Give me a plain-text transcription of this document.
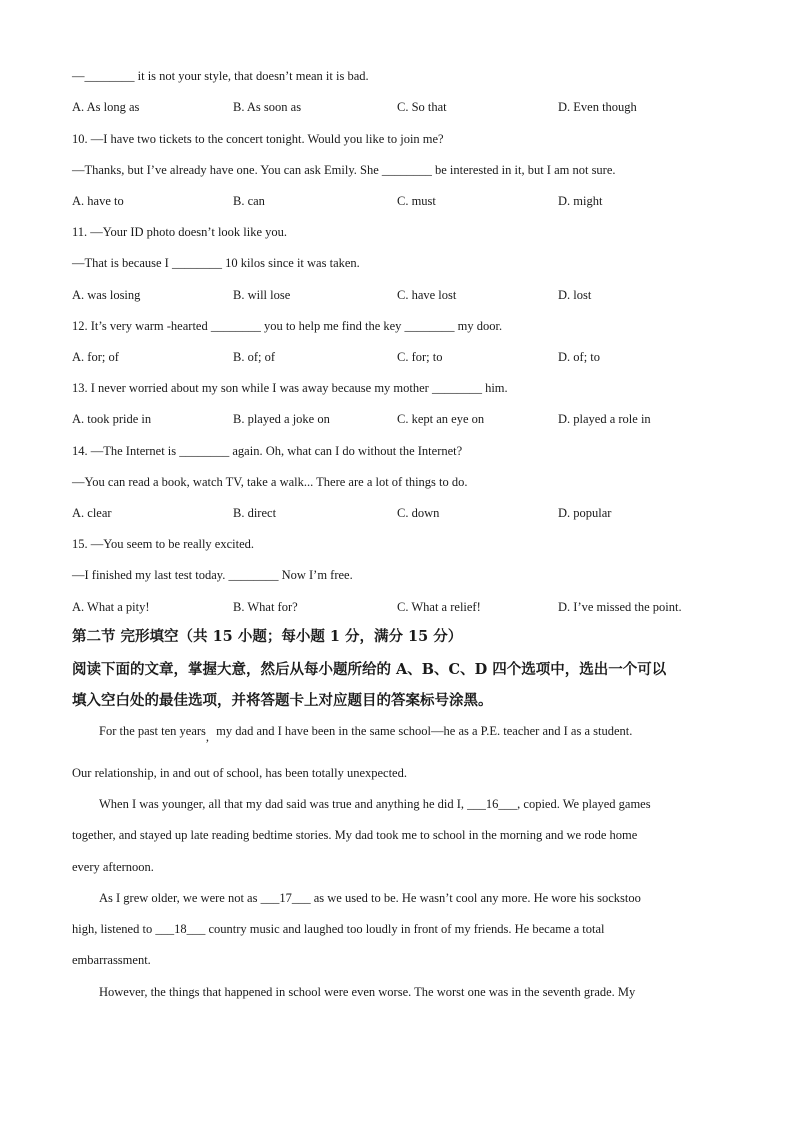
—________ it is not your style, that doesn’t mean it is bad.
A. As long as	B. As soon as	C. So that	D. Even though
10. —I have two tickets to the concert tonight. Would you like to join me?
—Thanks, but I’ve already have one. You can ask Emily. She ________ be interested in it, but I am not sure.
A. have to	B. can	C. must	D. might
11. —Your ID photo doesn’t look like you.
—That is because I ________ 10 kilos since it was taken.
A. was losing	B. will lose	C. have lost	D. lost
12. It’s very warm -hearted ________ you to help me find the key ________ my door.
A. for; of	B. of; of	C. for; to	D. of; to
13. I never worried about my son while I was away because my mother ________ him.
A. took pride in	B. played a joke on	C. kept an eye on	D. played a role in
14. —The Internet is ________ again. Oh, what can I do without the Internet?
—You can read a book, watch TV, take a walk... There are a lot of things to do.
A. clear	B. direct	C. down	D. popular
15. —You seem to be really excited.
—I finished my last test today. ________ Now I’m free.
A. What a pity!	B. What for?	C. What a relief!	D. I’ve missed the point.
第二节 完形填空（共 15 小题；每小题 1 分，满分 15 分）
阅读下面的文章，掌握大意，然后从每小题所给的 A、B、C、D 四个选项中，选出一个可以
填入空白处的最佳选项，并将答题卡上对应题目的答案标号涂黑。
For the past ten years, my dad and I have been in the same school—he as a P.E. teacher and I as a student.
Our relationship, in and out of school, has been totally unexpected.
When I was younger, all that my dad said was true and anything he did I, ___16___, copied. We played games
together, and stayed up late reading bedtime stories. My dad took me to school in the morning and we rode home
every afternoon.
As I grew older, we were not as ___17___ as we used to be. He wasn’t cool any more. He wore his sockstoo
high, listened to ___18___ country music and laughed too loudly in front of my friends. He became a total
embarrassment.
However, the things that happened in school were even worse. The worst one was in the seventh grade. My
